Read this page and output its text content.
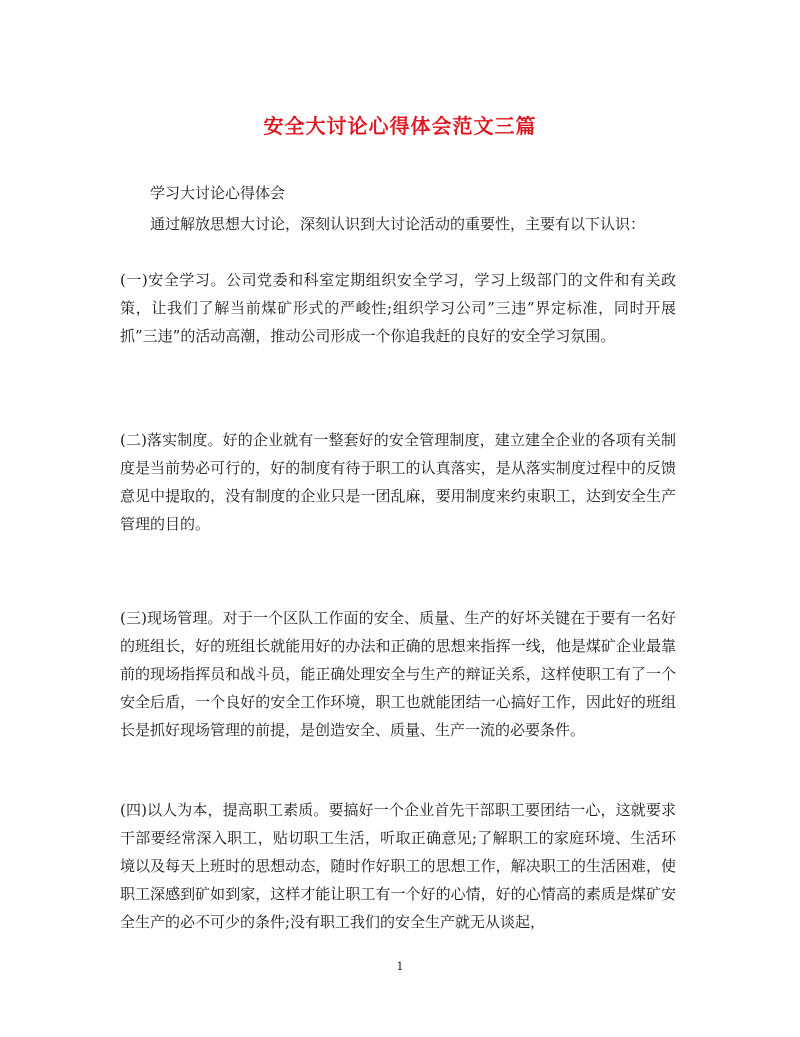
安全大讨论心得体会范文三篇
学习大讨论心得体会
通过解放思想大讨论，深刻认识到大讨论活动的重要性，主要有以下认识：
(一)安全学习。公司党委和科室定期组织安全学习，学习上级部门的文件和有关政策，让我们了解当前煤矿形式的严峻性;组织学习公司”三违”界定标准，同时开展抓”三违”的活动高潮，推动公司形成一个你追我赶的良好的安全学习氛围。
(二)落实制度。好的企业就有一整套好的安全管理制度，建立建全企业的各项有关制度是当前势必可行的，好的制度有待于职工的认真落实，是从落实制度过程中的反馈意见中提取的，没有制度的企业只是一团乱麻，要用制度来约束职工，达到安全生产管理的目的。
(三)现场管理。对于一个区队工作面的安全、质量、生产的好坏关键在于要有一名好的班组长，好的班组长就能用好的办法和正确的思想来指挥一线，他是煤矿企业最靠前的现场指挥员和战斗员，能正确处理安全与生产的辩证关系，这样使职工有了一个安全后盾，一个良好的安全工作环境，职工也就能团结一心搞好工作，因此好的班组长是抓好现场管理的前提，是创造安全、质量、生产一流的必要条件。
(四)以人为本，提高职工素质。要搞好一个企业首先干部职工要团结一心，这就要求干部要经常深入职工，贴切职工生活，听取正确意见;了解职工的家庭环境、生活环境以及每天上班时的思想动态，随时作好职工的思想工作，解决职工的生活困难，使职工深感到矿如到家，这样才能让职工有一个好的心情，好的心情高的素质是煤矿安全生产的必不可少的条件;没有职工我们的安全生产就无从谈起，
1
